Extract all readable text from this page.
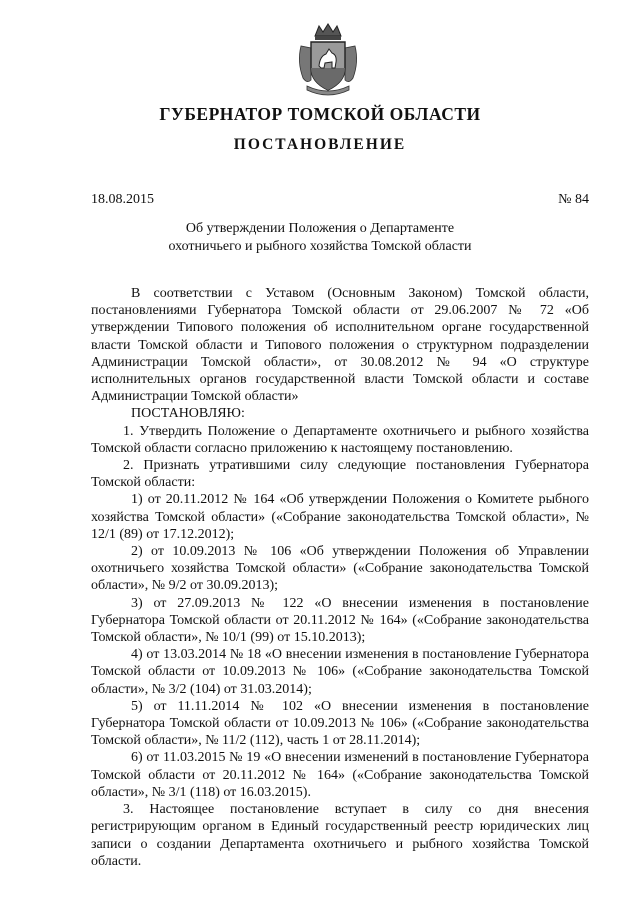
ГУБЕРНАТОР ТОМСКОЙ ОБЛАСТИ
ПОСТАНОВЛЕНИЕ
18.08.2015	№ 84
Об утверждении Положения о Департаменте
охотничьего и рыбного хозяйства Томской области

В соответствии с Уставом (Основным Законом) Томской области, постановлениями Губернатора Томской области от 29.06.2007 № 72 «Об утверждении Типового положения об исполнительном органе государственной власти Томской области и Типового положения о структурном подразделении Администрации Томской области», от 30.08.2012 № 94 «О структуре исполнительных органов государственной власти Томской области и составе Администрации Томской области»

ПОСТАНОВЛЯЮ:

1. Утвердить Положение о Департаменте охотничьего и рыбного хозяйства Томской области согласно приложению к настоящему постановлению.

2. Признать утратившими силу следующие постановления Губернатора Томской области:

1) от 20.11.2012 № 164 «Об утверждении Положения о Комитете рыбного хозяйства Томской области» («Собрание законодательства Томской области», № 12/1 (89) от 17.12.2012);

2) от 10.09.2013 № 106 «Об утверждении Положения об Управлении охотничьего хозяйства Томской области» («Собрание законодательства Томской области», № 9/2 от 30.09.2013);

3) от 27.09.2013 № 122 «О внесении изменения в постановление Губернатора Томской области от 20.11.2012 № 164» («Собрание законодательства Томской области», № 10/1 (99) от 15.10.2013);

4) от 13.03.2014 № 18 «О внесении изменения в постановление Губернатора Томской области от 10.09.2013 № 106» («Собрание законодательства Томской области», № 3/2 (104) от 31.03.2014);

5) от 11.11.2014 № 102 «О внесении изменения в постановление Губернатора Томской области от 10.09.2013 № 106» («Собрание законодательства Томской области», № 11/2 (112), часть 1 от 28.11.2014);

6) от 11.03.2015 № 19 «О внесении изменений в постановление Губернатора Томской области от 20.11.2012 № 164» («Собрание законодательства Томской области», № 3/1 (118) от 16.03.2015).

3. Настоящее постановление вступает в силу со дня внесения регистрирующим органом в Единый государственный реестр юридических лиц записи о создании Департамента охотничьего и рыбного хозяйства Томской области.
